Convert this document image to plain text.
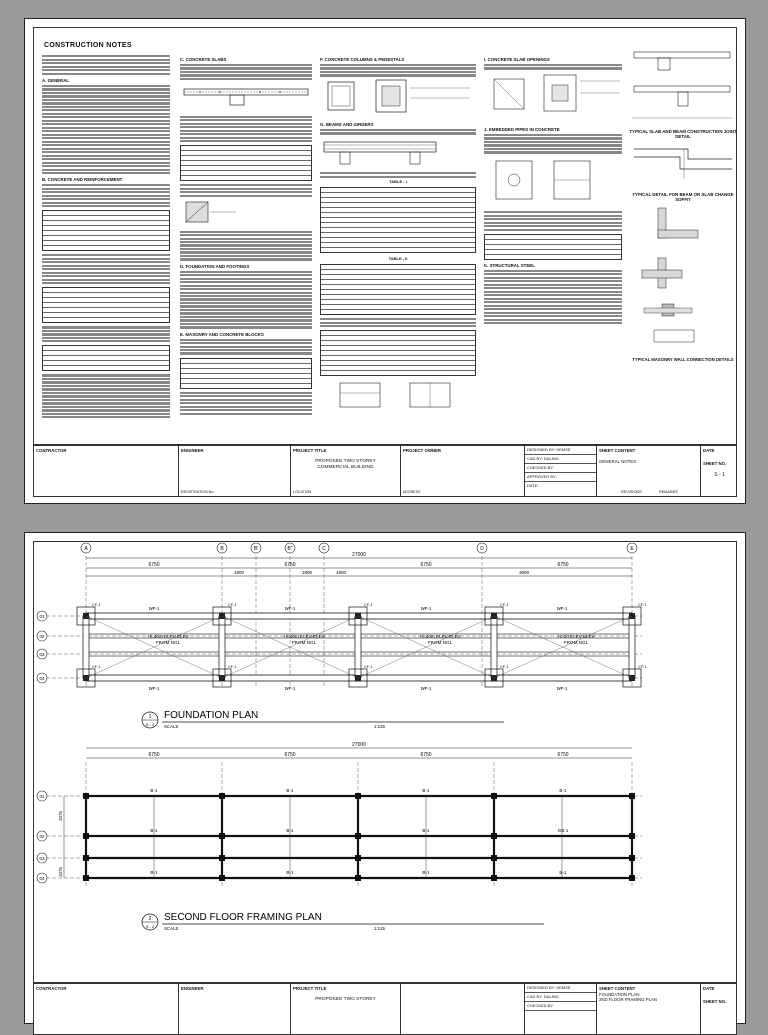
CONSTRUCTION NOTES
A. GENERAL
B. CONCRETE AND REINFORCEMENT
C. CONCRETE SLABS
D. FOUNDATION AND FOOTINGS
E. MASONRY AND CONCRETE BLOCKS
F. CONCRETE COLUMNS & PEDESTALS
G. BEAMS AND GIRDERS
TABLE - I
TABLE - II
I. CONCRETE SLAB OPENINGS
J. EMBEDDED PIPES IN CONCRETE
K. STRUCTURAL STEEL
TYPICAL SLAB AND BEAM CONSTRUCTION JOINT DETAIL
TYPICAL DETAIL FOR BEAM OR SLAB CHANGE SOFFIT
TYPICAL MASONRY WALL CONNECTION DETAILS
CONTRACTOR	ENGINEER
REGISTRATION No.:
PROJECT TITLE
PROPOSED TWO STOREY
COMMERCIAL BUILDING
LOCATION
PROJECT OWNER
ADDRESS
DESIGNED BY: DEMSE
CAD BY: DALING
CHECKED BY:
APPROVED BY:
DATE:
SHEET CONTENT
GENERAL NOTES
REVISIONS	REMARKS
DATE
SHEET NO.
S - 1
27000
6750	6750	6750	6750
1800	1800	1800	3600
A	B	B'	B''	C	D	E
01
02
03
04
WF-1	WF-1	WF-1	WF-1
WF-1	WF-1	WF-1	WF-1
CF-1
CF-1
CF-1
CF-1
CF-1
CF-1
CF-1
CF-1
CF-1
CF-1
+0.40m ELEV ELEV
FROM NGL
+0.40m ELEV ELEV
FROM NGL
+0.40m ELEV ELEV
FROM NGL
+0.20 ELEV ELEV
FROM NGL
1
S - 2
FOUNDATION PLAN
SCALE	1:125
27000
6750	6750	6750	6750
01
02
03
04
B-1
B-1
B-1
B-1
B-1
B-1
B-1
B-1
B-1
B-1
GB-1
B-1
3375
3375
2
S - 2
SECOND FLOOR FRAMING PLAN
SCALE	1:125
CONTRACTOR	ENGINEER	PROJECT TITLE
PROPOSED TWO STOREY
DESIGNED BY: DEMSE
CAD BY: DALING
CHECKED BY:
SHEET CONTENT
FOUNDATION PLAN
2ND FLOOR FRAMING PLAN
DATE
SHEET NO.
